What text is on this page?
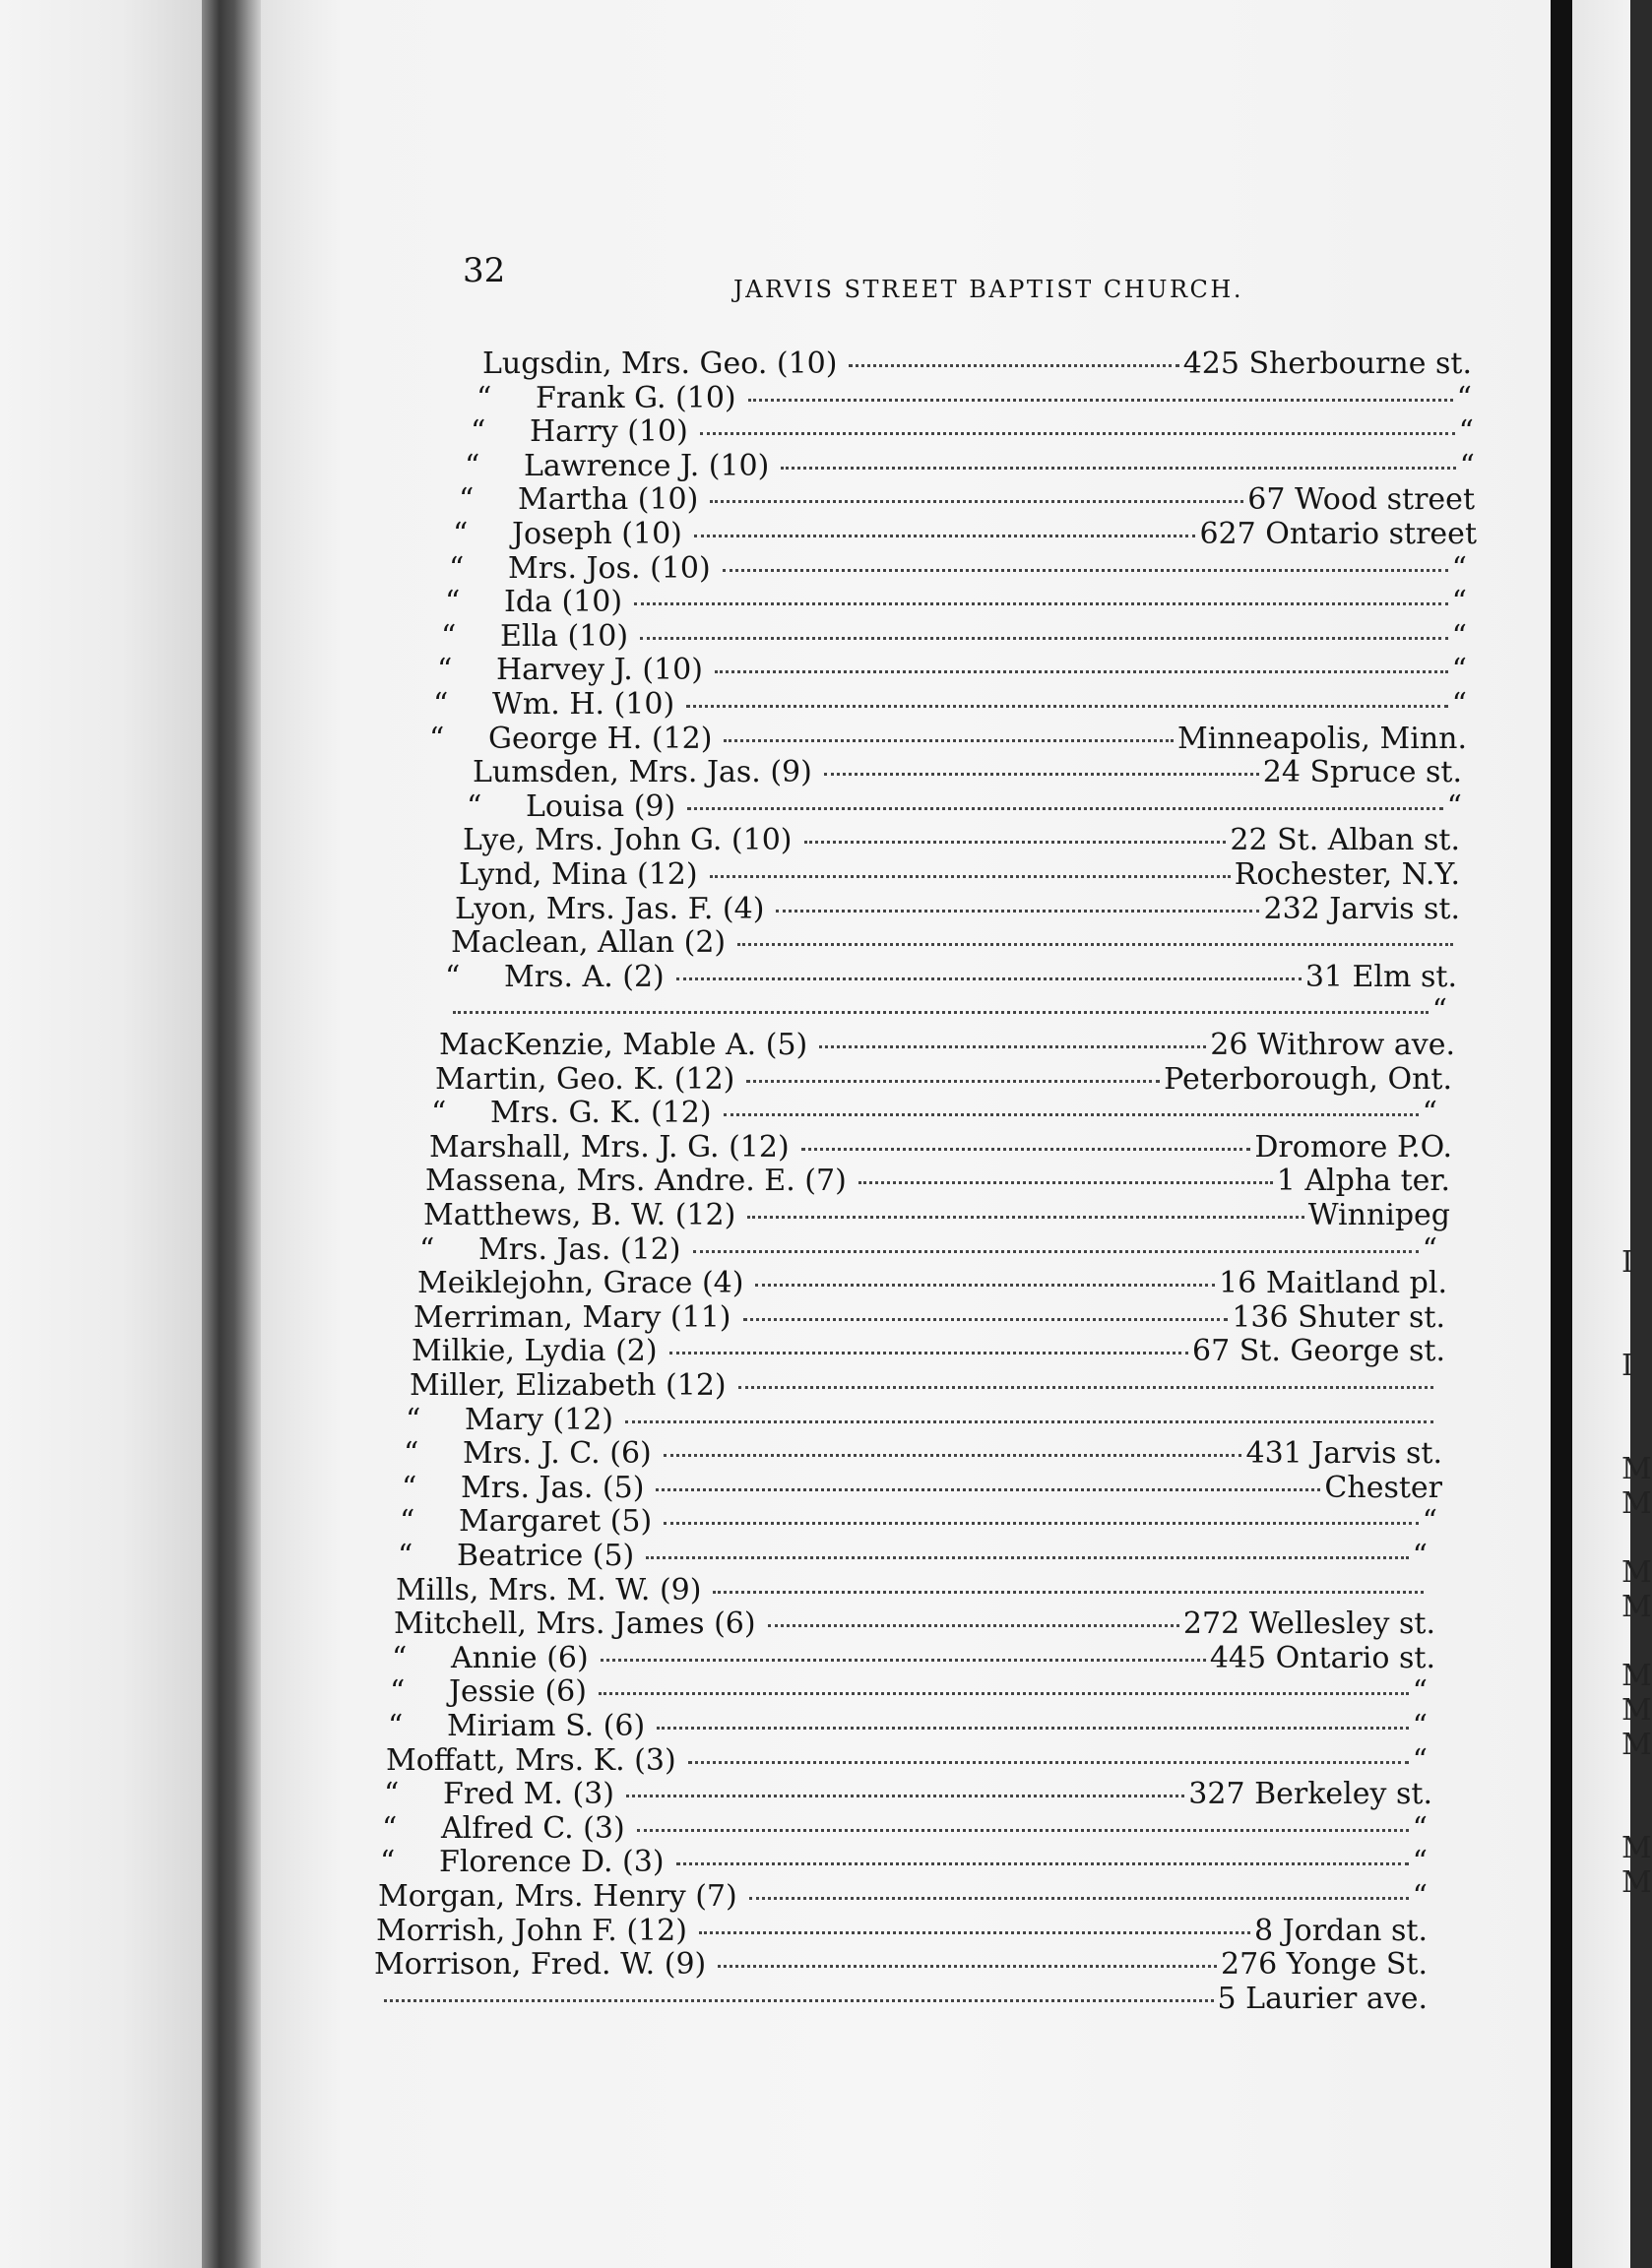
32	JARVIS STREET BAPTIST CHURCH.
Lugsdin, Mrs. Geo. (10)	425 Sherbourne st.
“ Frank G. (10)	“
“ Harry (10)	“
“ Lawrence J. (10)	“
“ Martha (10)	67 Wood street
“ Joseph (10)	627 Ontario street
“ Mrs. Jos. (10)	“
“ Ida (10)	“
“ Ella (10)	“
“ Harvey J. (10)	“
“ Wm. H. (10)	“
“ George H. (12)	Minneapolis, Minn.
Lumsden, Mrs. Jas. (9)	24 Spruce st.
“ Louisa (9)	“
Lye, Mrs. John G. (10)	22 St. Alban st.
Lynd, Mina (12)	Rochester, N.Y.
Lyon, Mrs. Jas. F. (4)	232 Jarvis st.
Maclean, Allan (2)
“ Mrs. A. (2)	31 Elm st.
“
MacKenzie, Mable A. (5)	26 Withrow ave.
Martin, Geo. K. (12)	Peterborough, Ont.
“ Mrs. G. K. (12)	“
Marshall, Mrs. J. G. (12)	Dromore P.O.
Massena, Mrs. Andre. E. (7)	1 Alpha ter.
Matthews, B. W. (12)	Winnipeg
“ Mrs. Jas. (12)	“
Meiklejohn, Grace (4)	16 Maitland pl.
Merriman, Mary (11)	136 Shuter st.
Milkie, Lydia (2)	67 St. George st.
Miller, Elizabeth (12)
“ Mary (12)
“ Mrs. J. C. (6)	431 Jarvis st.
“ Mrs. Jas. (5)	Chester
“ Margaret (5)	“
“ Beatrice (5)	“
Mills, Mrs. M. W. (9)
Mitchell, Mrs. James (6)	272 Wellesley st.
“ Annie (6)	445 Ontario st.
“ Jessie (6)	“
“ Miriam S. (6)	“
Moffatt, Mrs. K. (3)	“
“ Fred M. (3)	327 Berkeley st.
“ Alfred C. (3)	“
“ Florence D. (3)	“
Morgan, Mrs. Henry (7)	“
Morrish, John F. (12)	8 Jordan st.
Morrison, Fred. W. (9)	276 Yonge St.
5 Laurier ave.
I
I
M
M
M
M
M
M
M
M
M
